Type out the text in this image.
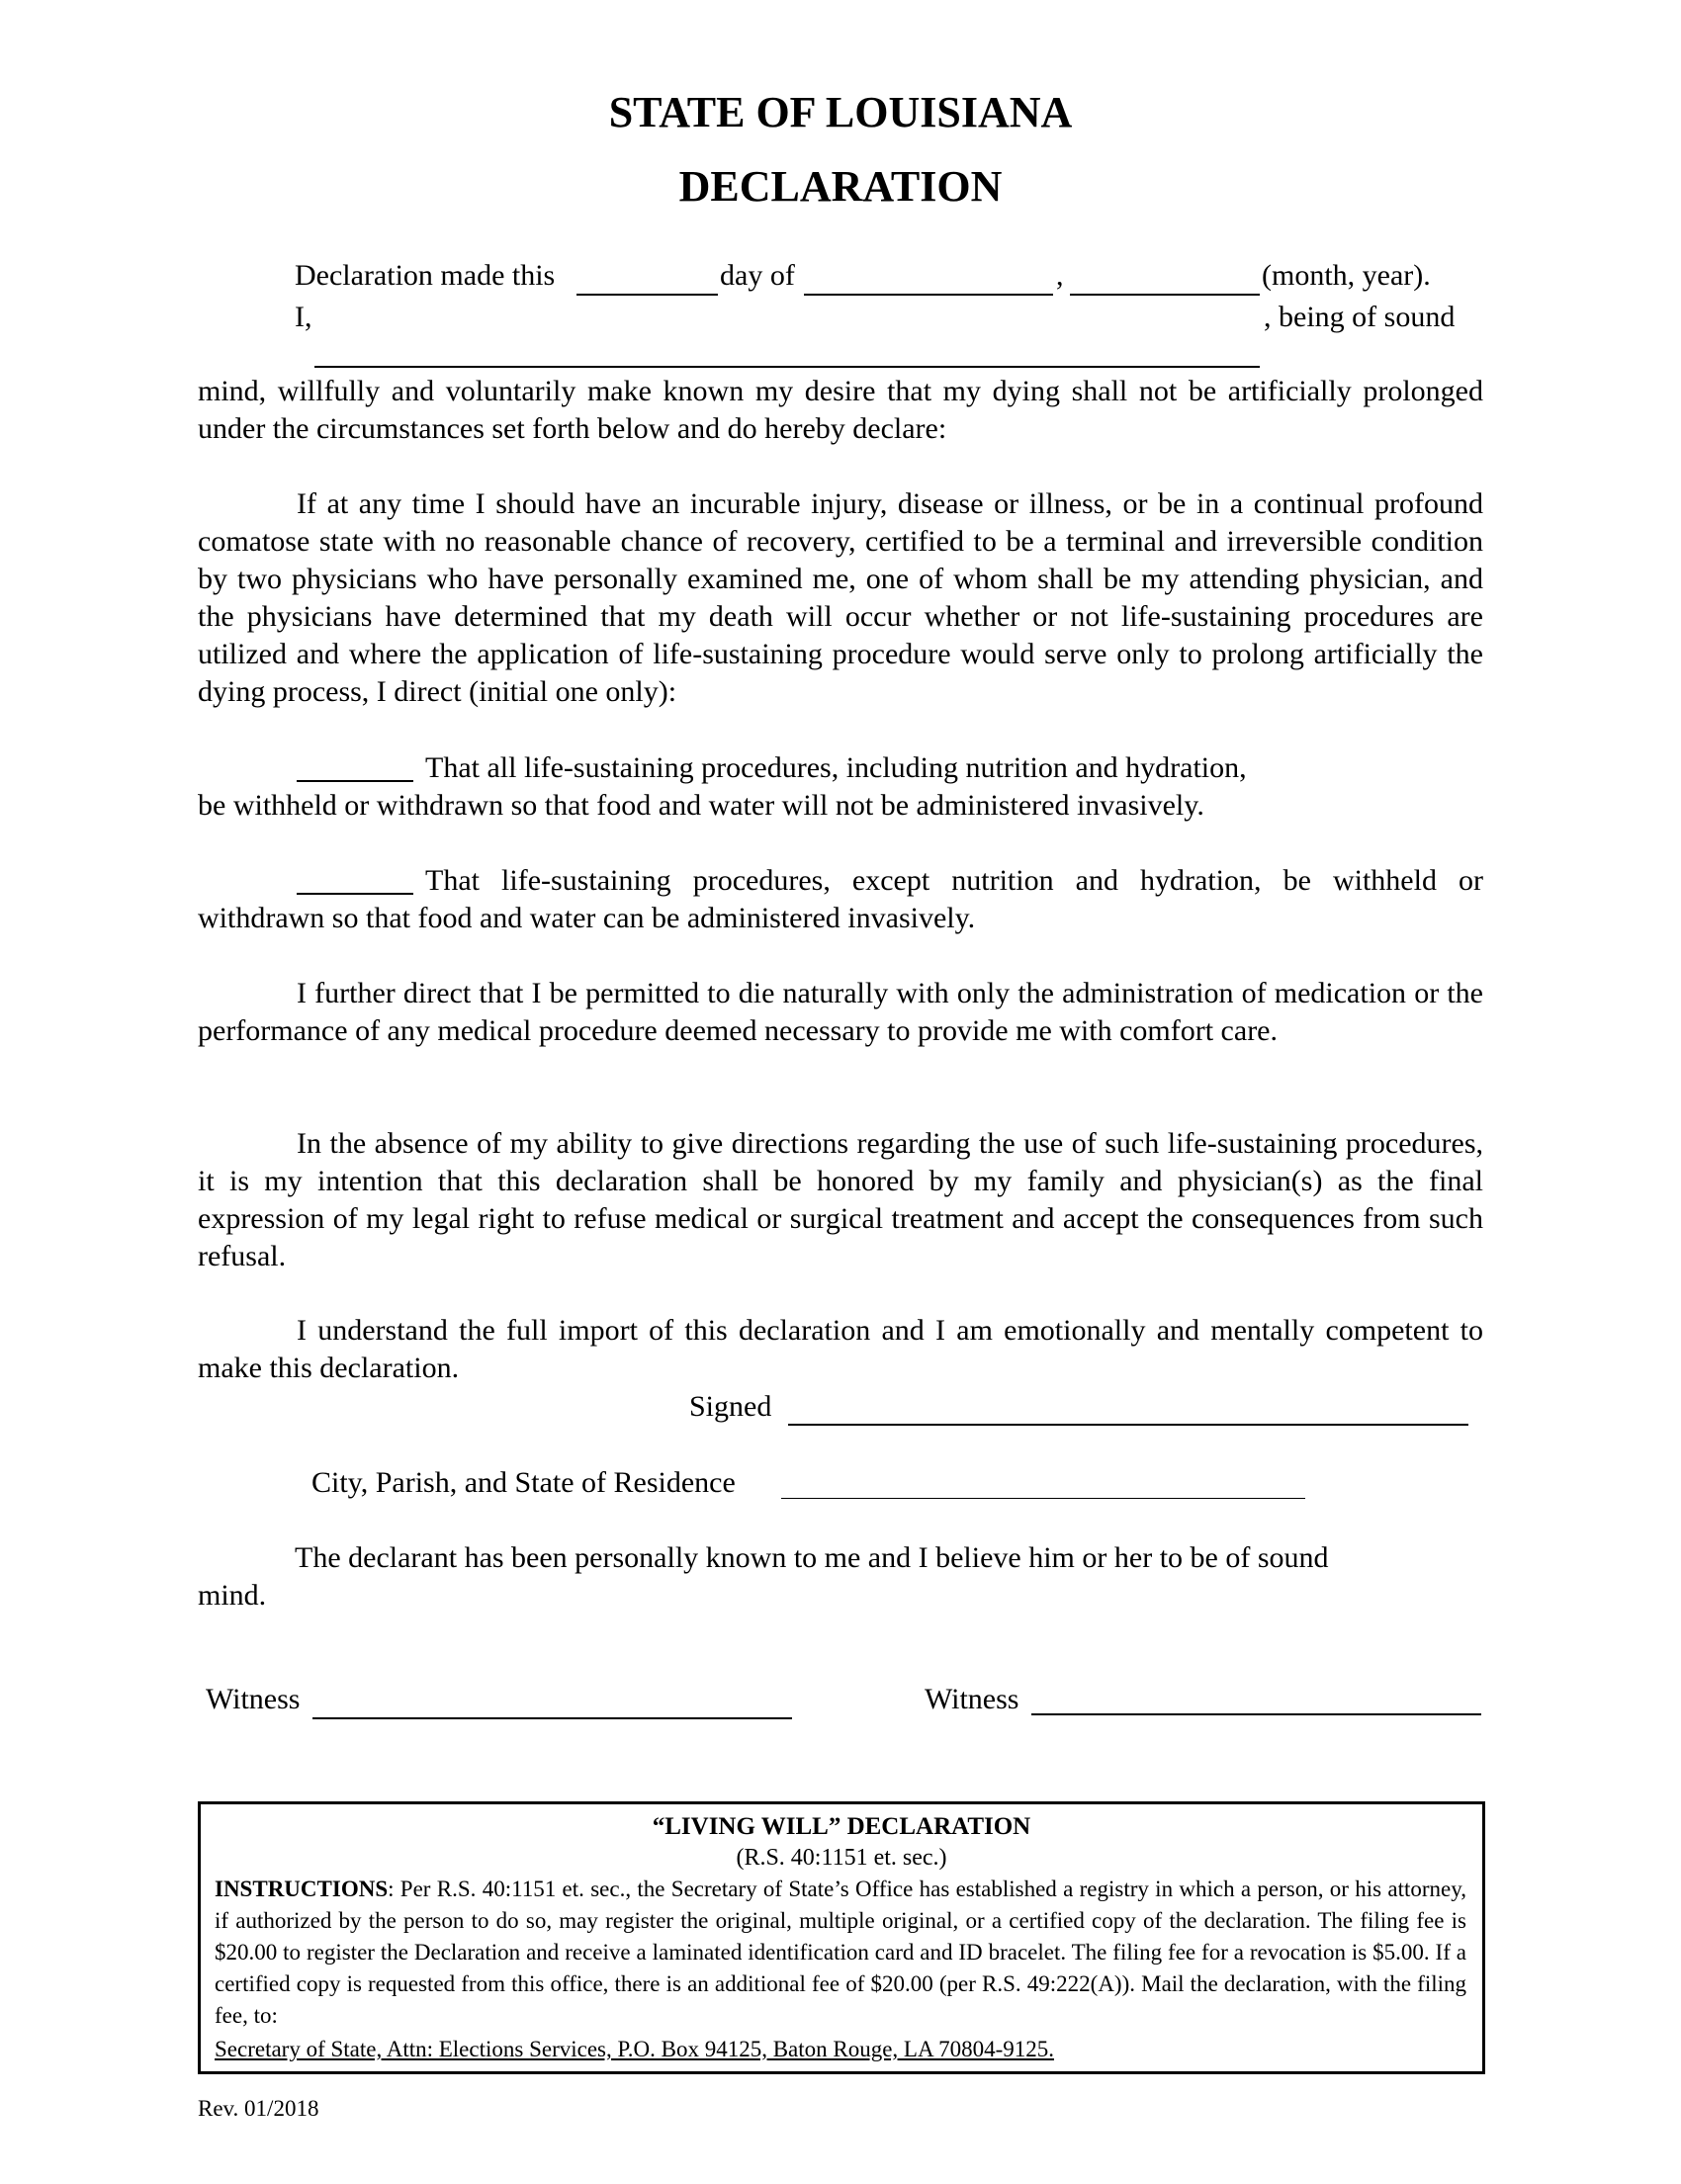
STATE OF LOUISIANA
DECLARATION
Declaration made this	day of	,	(month, year).
I,	, being of sound

mind, willfully and voluntarily make known my desire that my dying shall not be artificially prolonged under the circumstances set forth below and do hereby declare:

If at any time I should have an incurable injury, disease or illness, or be in a continual profound comatose state with no reasonable chance of recovery, certified to be a terminal and irreversible condition by two physicians who have personally examined me, one of whom shall be my attending physician, and the physicians have determined that my death will occur whether or not life-sustaining procedures are utilized and where the application of life-sustaining procedure would serve only to prolong artificially the dying process, I direct (initial one only):

That all life-sustaining procedures, including nutrition and hydration,
be withheld or withdrawn so that food and water will not be administered invasively.

That life-sustaining procedures, except nutrition and hydration, be withheld or withdrawn so that food and water can be administered invasively.

I further direct that I be permitted to die naturally with only the administration of medication or the performance of any medical procedure deemed necessary to provide me with comfort care.

In the absence of my ability to give directions regarding the use of such life-sustaining procedures, it is my intention that this declaration shall be honored by my family and physician(s) as the final expression of my legal right to refuse medical or surgical treatment and accept the consequences from such refusal.

I understand the full import of this declaration and I am emotionally and mentally competent to make this declaration.

Signed
City, Parish, and State of Residence
The declarant has been personally known to me and I believe him or her to be of sound
mind.
Witness	Witness
“LIVING WILL” DECLARATION
(R.S. 40:1151 et. sec.)

INSTRUCTIONS: Per R.S. 40:1151 et. sec., the Secretary of State’s Office has established a registry in which a person, or his attorney, if authorized by the person to do so, may register the original, multiple original, or a certified copy of the declaration. The filing fee is $20.00 to register the Declaration and receive a laminated identification card and ID bracelet. The filing fee for a revocation is $5.00. If a certified copy is requested from this office, there is an additional fee of $20.00 (per R.S. 49:222(A)). Mail the declaration, with the filing fee, to:

Secretary of State, Attn: Elections Services, P.O. Box 94125, Baton Rouge, LA 70804-9125.
Rev. 01/2018
